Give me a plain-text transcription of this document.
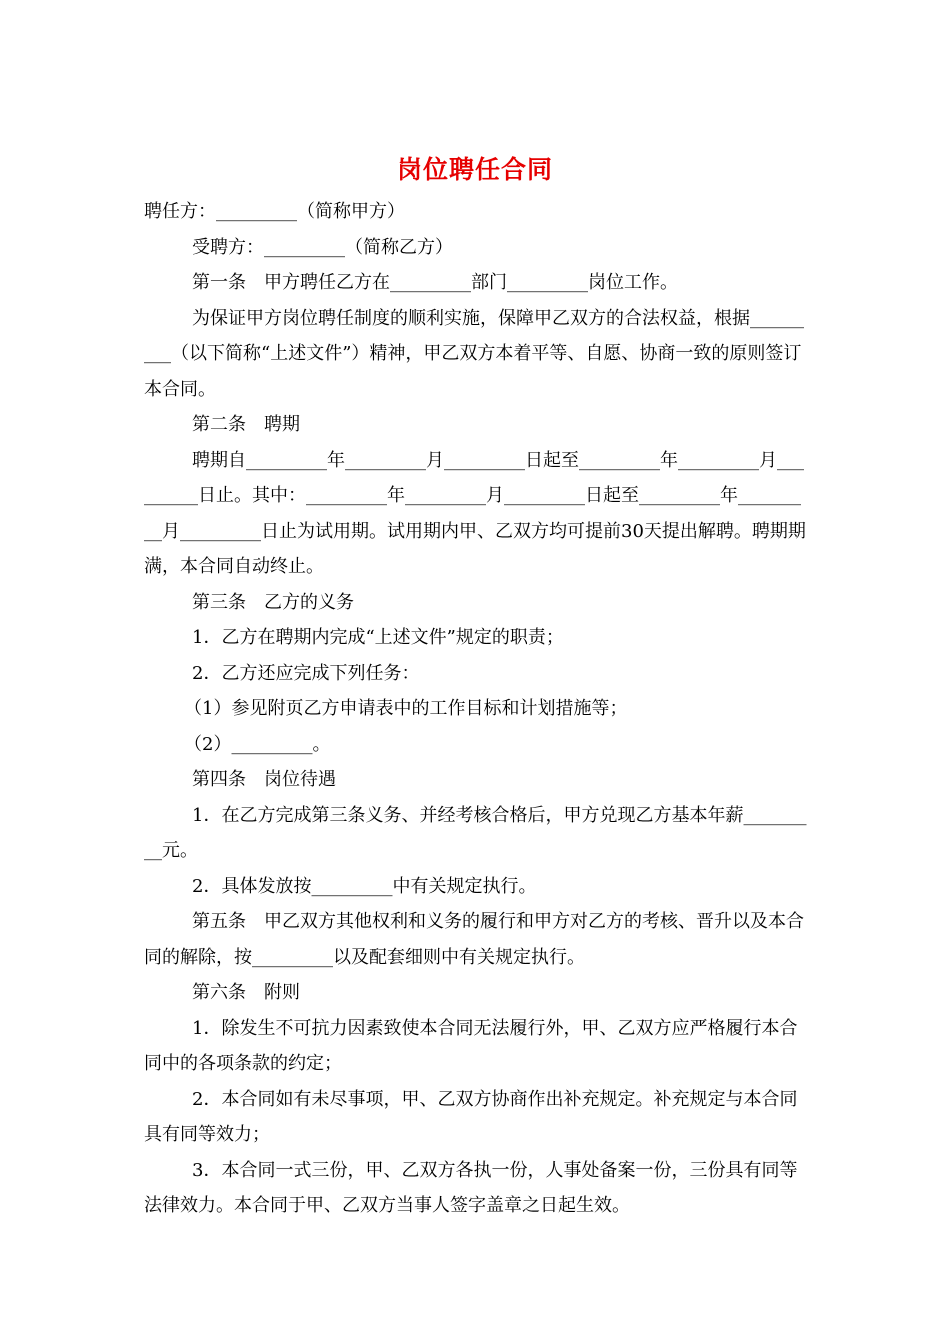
岗位聘任合同

聘任方：_________（简称甲方）

受聘方：_________（简称乙方）

第一条　甲方聘任乙方在_________部门_________岗位工作。

为保证甲方岗位聘任制度的顺利实施，保障甲乙双方的合法权益，根据_________（以下简称“上述文件”）精神，甲乙双方本着平等、自愿、协商一致的原则签订本合同。

第二条　聘期

聘期自_________年_________月_________日起至_________年_________月_________日止。其中：_________年_________月_________日起至_________年_________月_________日止为试用期。试用期内甲、乙双方均可提前30天提出解聘。聘期期满，本合同自动终止。

第三条　乙方的义务

1．乙方在聘期内完成“上述文件”规定的职责；

2．乙方还应完成下列任务：

（1）参见附页乙方申请表中的工作目标和计划措施等；

（2）_________。

第四条　岗位待遇

1．在乙方完成第三条义务、并经考核合格后，甲方兑现乙方基本年薪_________元。

2．具体发放按_________中有关规定执行。

第五条　甲乙双方其他权利和义务的履行和甲方对乙方的考核、晋升以及本合同的解除，按_________以及配套细则中有关规定执行。

第六条　附则

1．除发生不可抗力因素致使本合同无法履行外，甲、乙双方应严格履行本合同中的各项条款的约定；

2．本合同如有未尽事项，甲、乙双方协商作出补充规定。补充规定与本合同具有同等效力；

3．本合同一式三份，甲、乙双方各执一份，人事处备案一份，三份具有同等法律效力。本合同于甲、乙双方当事人签字盖章之日起生效。
